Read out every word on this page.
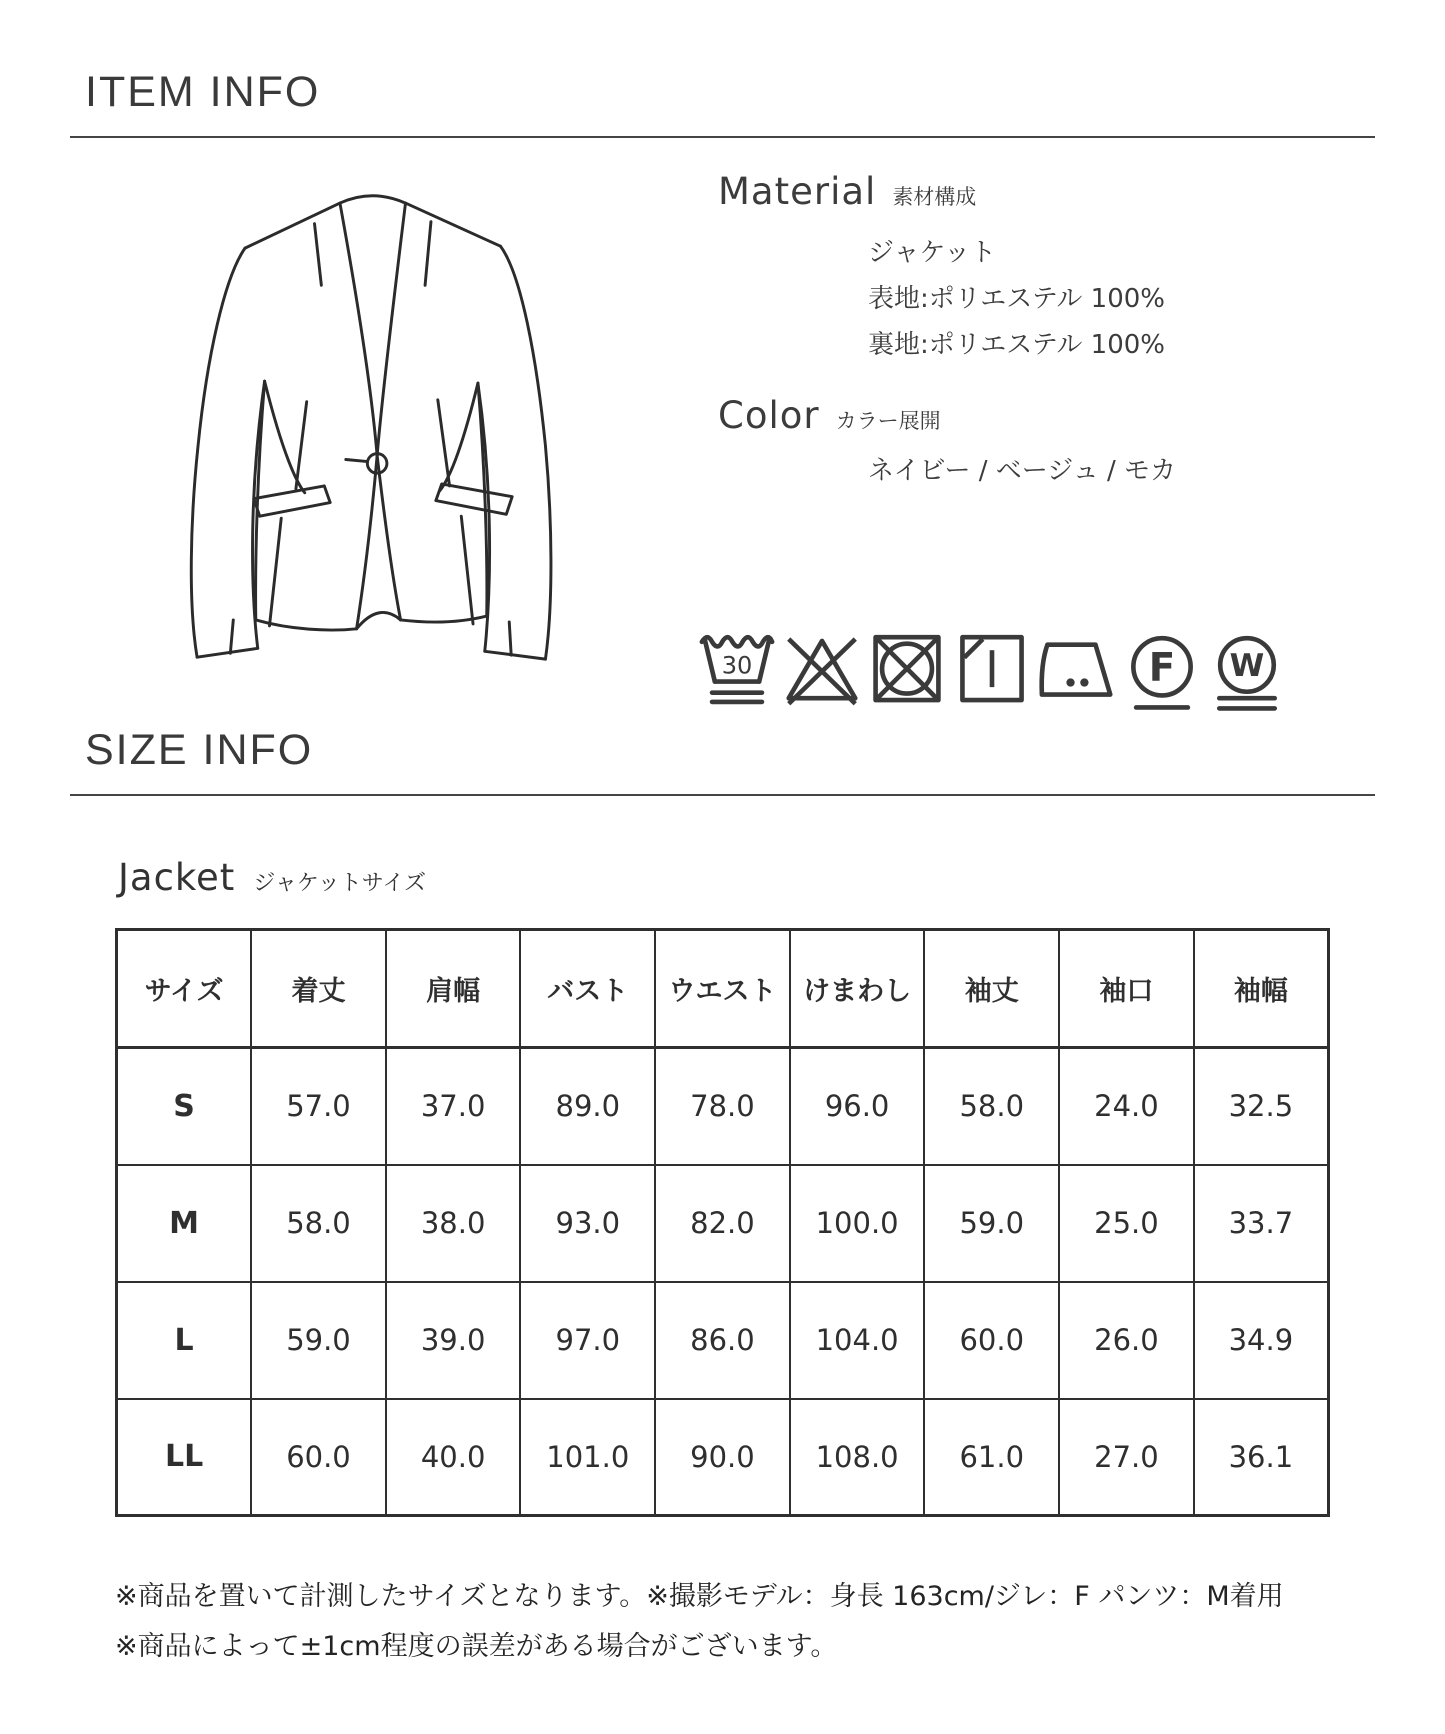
ITEM INFO
Material 素材構成
ジャケット
表地:ポリエステル 100%
裏地:ポリエステル 100%
Color カラー展開
ネイビー / ベージュ / モカ
30	F W
SIZE INFO
Jacket ジャケットサイズ
サイズ	着丈	肩幅	バスト	ウエスト	けまわし	袖丈	袖口	袖幅
S	57.0	37.0	89.0	78.0	96.0	58.0	24.0	32.5
M	58.0	38.0	93.0	82.0	100.0	59.0	25.0	33.7
L	59.0	39.0	97.0	86.0	104.0	60.0	26.0	34.9
LL	60.0	40.0	101.0	90.0	108.0	61.0	27.0	36.1
※商品を置いて計測したサイズとなります。※撮影モデル：身長 163cm/ジレ：F パンツ：M着用
※商品によって±1cm程度の誤差がある場合がございます。
